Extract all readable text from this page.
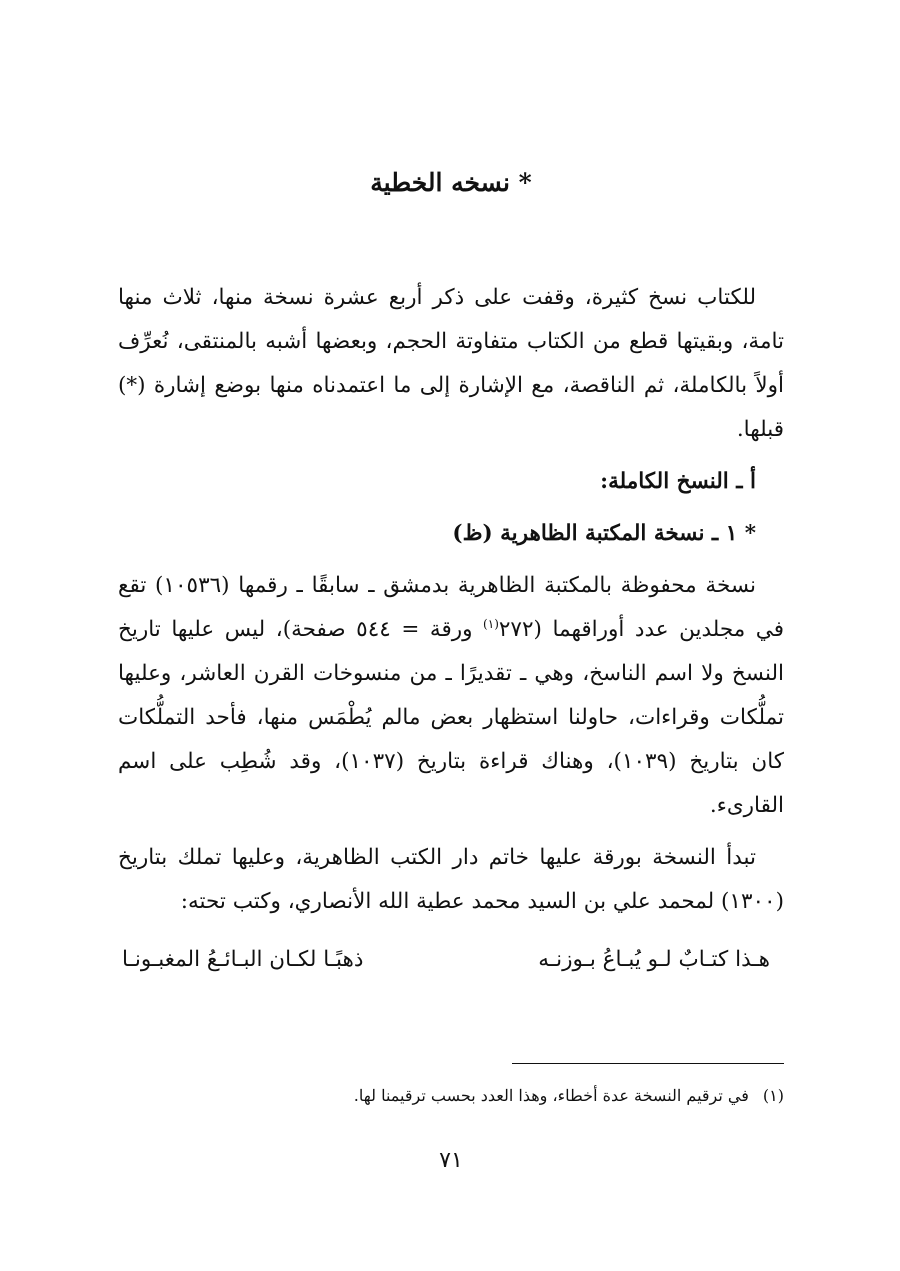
* نسخه الخطية

للكتاب نسخ كثيرة، وقفت على ذكر أربع عشرة نسخة منها، ثلاث منها تامة، وبقيتها قطع من الكتاب متفاوتة الحجم، وبعضها أشبه بالمنتقى، نُعرِّف أولاً بالكاملة، ثم الناقصة، مع الإشارة إلى ما اعتمدناه منها بوضع إشارة (*) قبلها.

أ ـ النسخ الكاملة:
* ١ ـ نسخة المكتبة الظاهرية (ظ)

نسخة محفوظة بالمكتبة الظاهرية بدمشق ـ سابقًا ـ رقمها (١٠٥٣٦) تقع في مجلدين عدد أوراقهما (٢٧٢$^{(١)}$ ورقة = ٥٤٤ صفحة)، ليس عليها تاريخ النسخ ولا اسم الناسخ، وهي ـ تقديرًا ـ من منسوخات القرن العاشر، وعليها تملُّكات وقراءات، حاولنا استظهار بعض مالم يُطْمَس منها، فأحد التملُّكات كان بتاريخ (١٠٣٩)، وهناك قراءة بتاريخ (١٠٣٧)، وقد شُطِب على اسم القارىء.

تبدأ النسخة بورقة عليها خاتم دار الكتب الظاهرية، وعليها تملك بتاريخ (١٣٠٠) لمحمد علي بن السيد محمد عطية الله الأنصاري، وكتب تحته:

هـذا كتـابٌ لـو يُبـاعُ بـوزنـه
ذهبًـا لكـان البـائـعُ المغبـونـا

(١)في ترقيم النسخة عدة أخطاء، وهذا العدد بحسب ترقيمنا لها.

٧١
